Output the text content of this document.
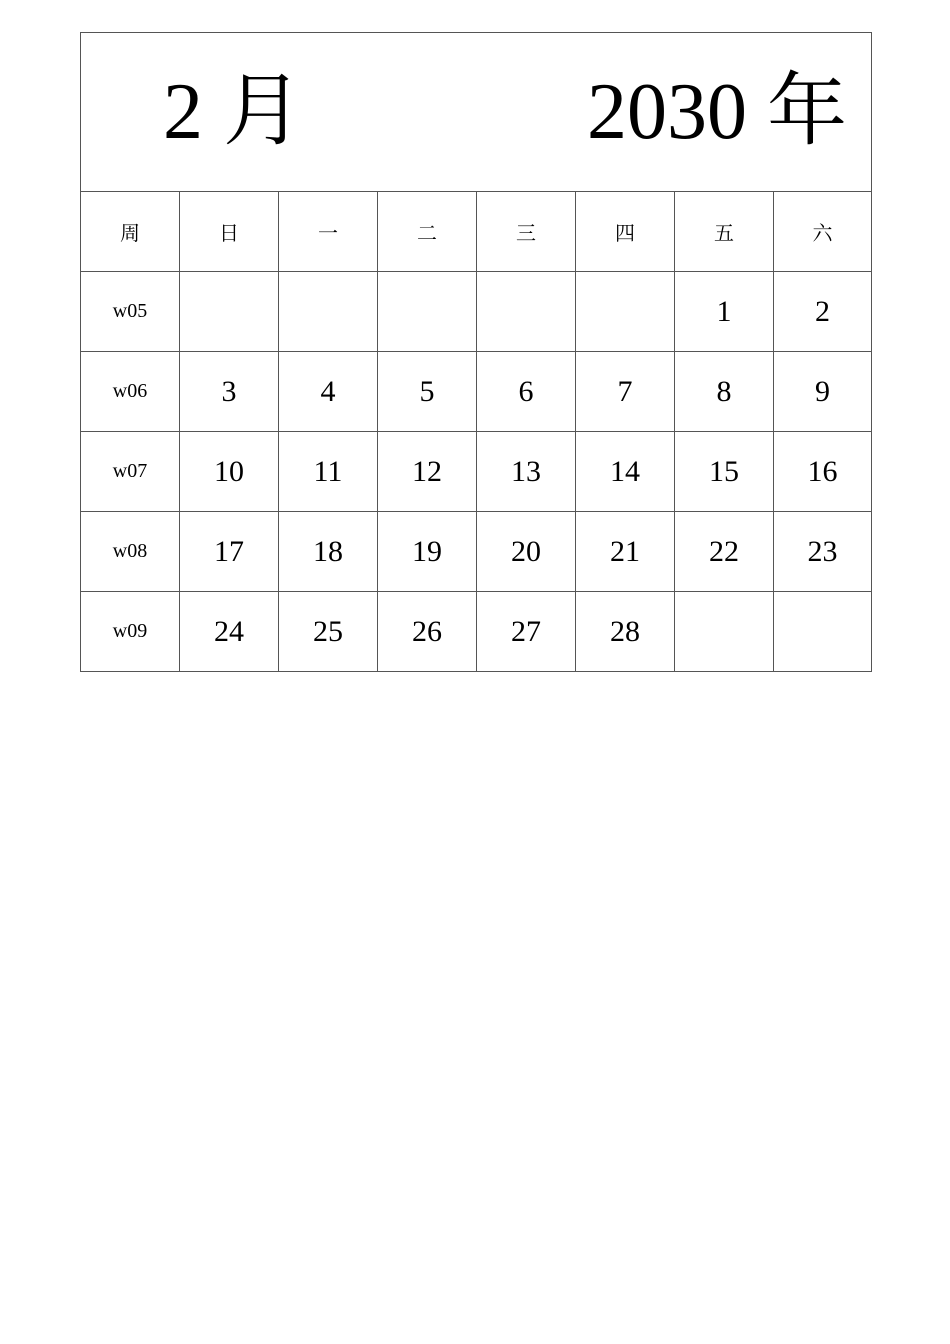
2 月 2030 年							

周	日	一	二	三	四	五	六
w05						1	2
w06	3	4	5	6	7	8	9
w07	10	11	12	13	14	15	16
w08	17	18	19	20	21	22	23
w09	24	25	26	27	28		
